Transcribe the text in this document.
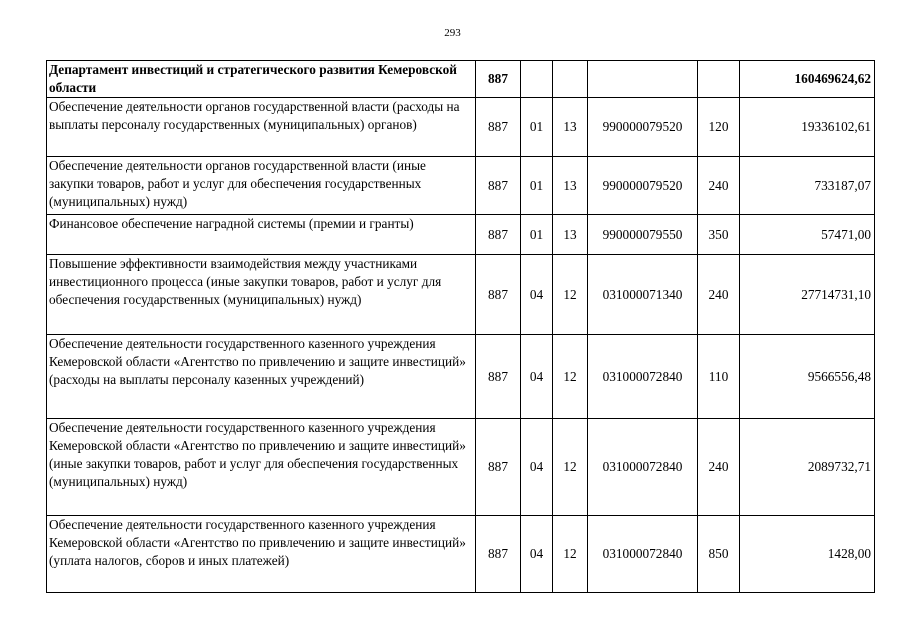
293
Департамент инвестиций и стратегического развития Кемеровской области	887					160469624,62
Обеспечение деятельности органов государственной власти (расходы на выплаты персоналу государственных (муниципальных) органов)	887	01	13	990000079520	120	19336102,61
Обеспечение деятельности органов государственной власти (иные закупки товаров, работ и услуг для обеспечения государственных (муниципальных) нужд)	887	01	13	990000079520	240	733187,07
Финансовое обеспечение наградной системы (премии и гранты)	887	01	13	990000079550	350	57471,00
Повышение эффективности взаимодействия между участниками инвестиционного процесса (иные закупки товаров, работ и услуг для обеспечения государственных (муниципальных) нужд)	887	04	12	031000071340	240	27714731,10
Обеспечение деятельности государственного казенного учреждения Кемеровской области «Агентство по привлечению и защите инвестиций» (расходы на выплаты персоналу казенных учреждений)	887	04	12	031000072840	110	9566556,48
Обеспечение деятельности государственного казенного учреждения Кемеровской области «Агентство по привлечению и защите инвестиций» (иные закупки товаров, работ и услуг для обеспечения государственных (муниципальных) нужд)	887	04	12	031000072840	240	2089732,71
Обеспечение деятельности государственного казенного учреждения Кемеровской области «Агентство по привлечению и защите инвестиций» (уплата налогов, сборов и иных платежей)	887	04	12	031000072840	850	1428,00
